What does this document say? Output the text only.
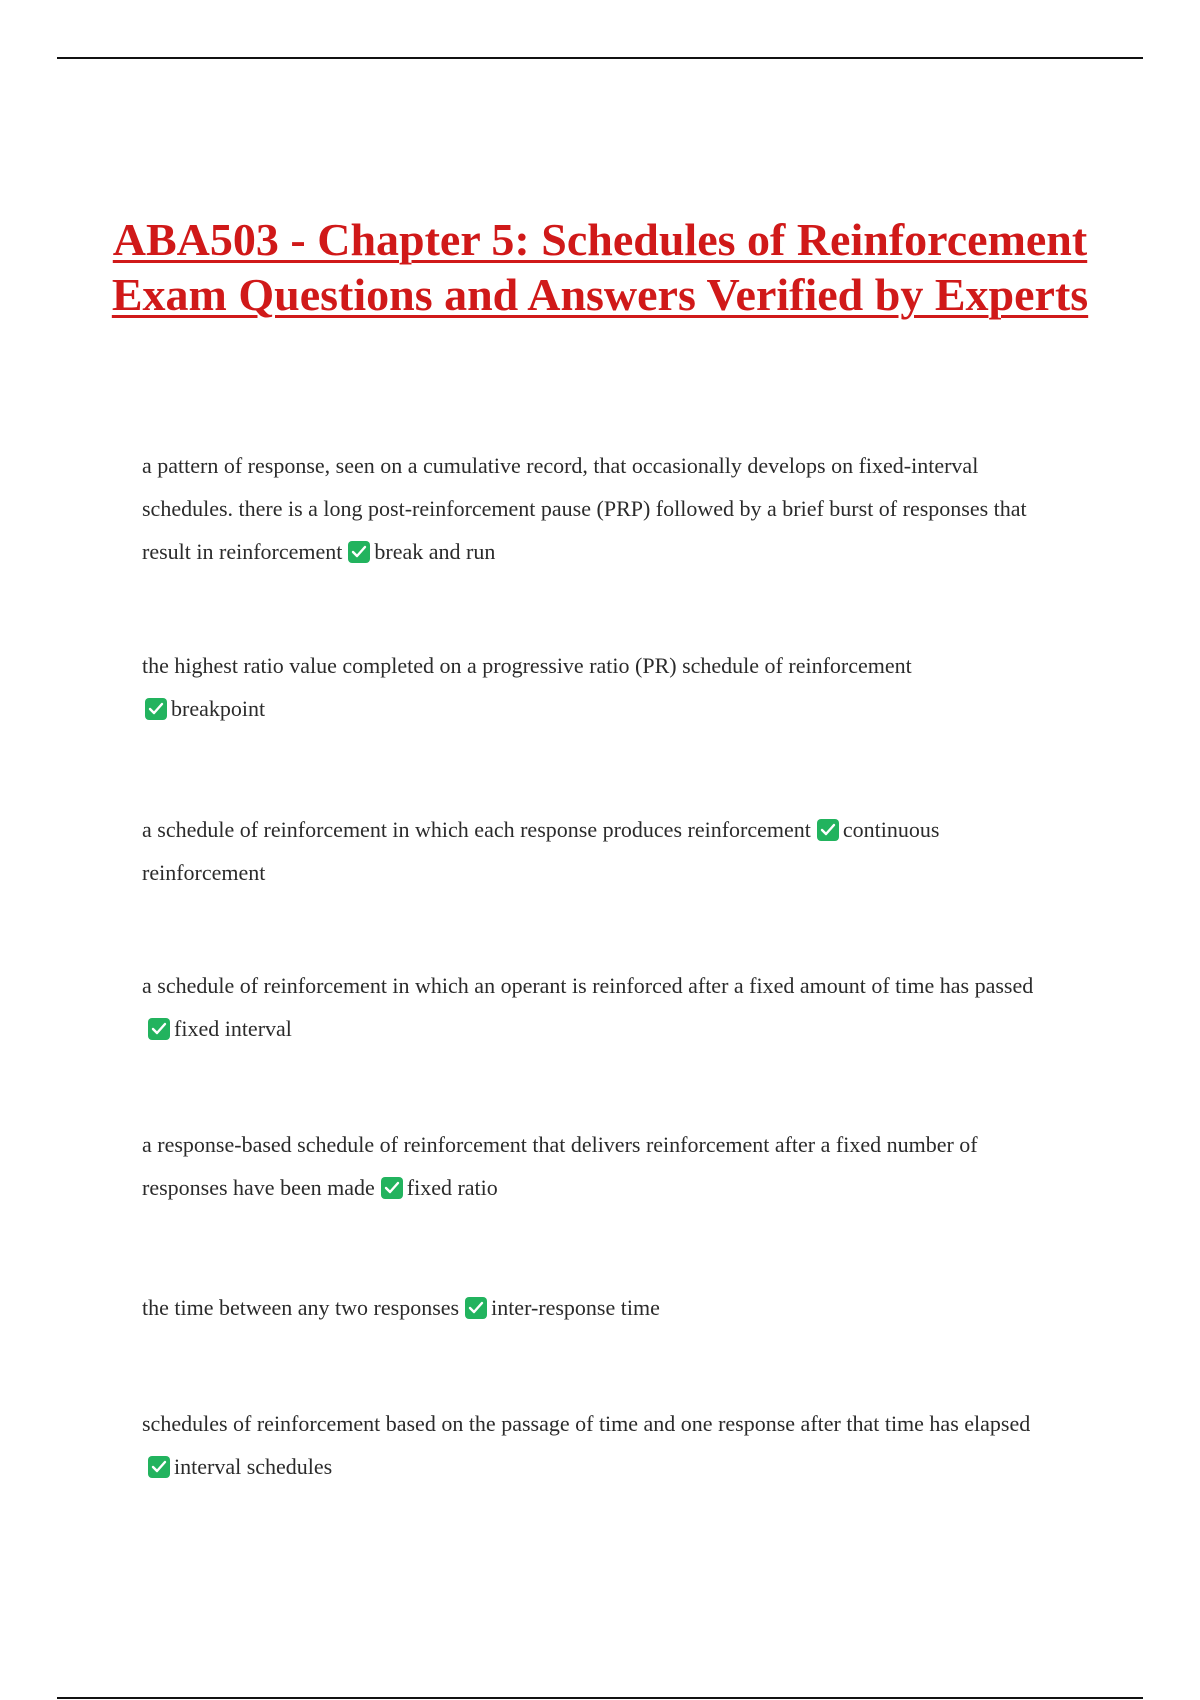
ABA503 - Chapter 5: Schedules of Reinforcement Exam Questions and Answers Verified by Experts

a pattern of response, seen on a cumulative record, that occasionally develops on fixed-interval schedules. there is a long post-reinforcement pause (PRP) followed by a brief burst of responses that result in reinforcement break and run

the highest ratio value completed on a progressive ratio (PR) schedule of reinforcement

breakpoint

a schedule of reinforcement in which each response produces reinforcement continuous reinforcement

a schedule of reinforcement in which an operant is reinforced after a fixed amount of time has passed
fixed interval

a response-based schedule of reinforcement that delivers reinforcement after a fixed number of responses have been made fixed ratio

the time between any two responses inter-response time

schedules of reinforcement based on the passage of time and one response after that time has elapsed
interval schedules
